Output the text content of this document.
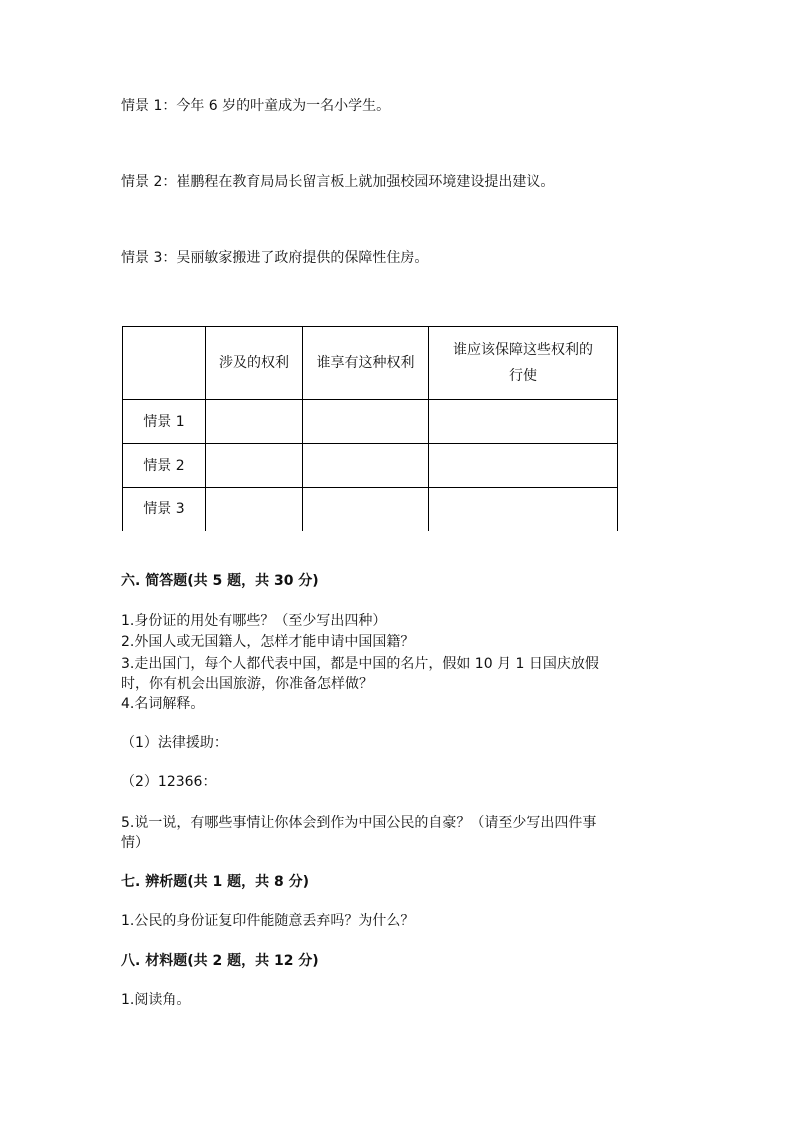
情景 1：今年 6 岁的叶童成为一名小学生。

情景 2：崔鹏程在教育局局长留言板上就加强校园环境建设提出建议。

情景 3：吴丽敏家搬进了政府提供的保障性住房。

	涉及的权利	谁享有这种权利	谁应该保障这些权利的
行使
情景 1			
情景 2			
情景 3			

六. 简答题(共 5 题，共 30 分)

1.身份证的用处有哪些？（至少写出四种）

2.外国人或无国籍人，怎样才能申请中国国籍？

3.走出国门，每个人都代表中国，都是中国的名片，假如 10 月 1 日国庆放假

时，你有机会出国旅游，你准备怎样做？

4.名词解释。

（1）法律援助：

（2）12366：

5.说一说，有哪些事情让你体会到作为中国公民的自豪？（请至少写出四件事

情）

七. 辨析题(共 1 题，共 8 分)

1.公民的身份证复印件能随意丢弃吗？为什么？

八. 材料题(共 2 题，共 12 分)

1.阅读角。
